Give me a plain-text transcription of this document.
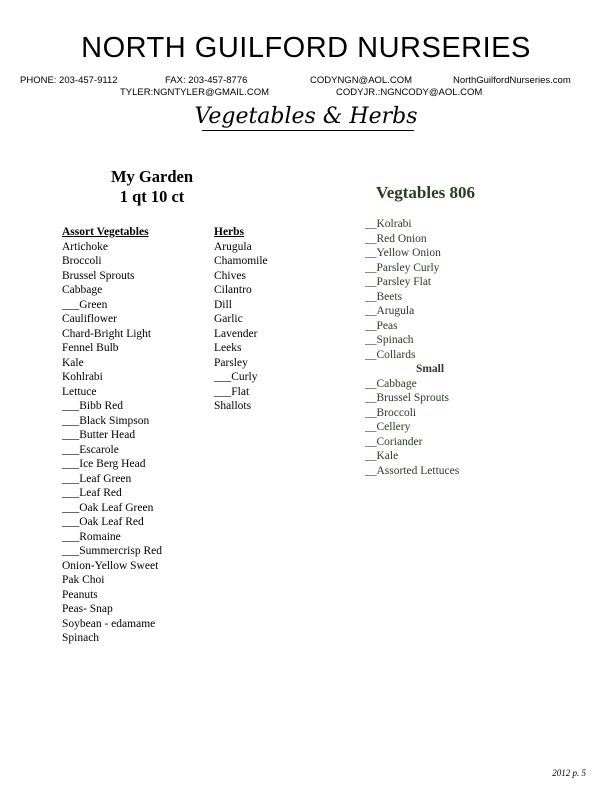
NORTH GUILFORD NURSERIES
PHONE: 203-457-9112	FAX: 203-457-8776	CODYNGN@AOL.COM	NorthGuilfordNurseries.com
TYLER:NGNTYLER@GMAIL.COM	CODYJR.:NGNCODY@AOL.COM
Vegetables & Herbs
My Garden
1 qt 10 ct	Vegtables 806
Assort Vegetables
Artichoke
Broccoli
Brussel Sprouts
Cabbage
___Green
Cauliflower
Chard-Bright Light
Fennel Bulb
Kale
Kohlrabi
Lettuce
___Bibb Red
___Black Simpson
___Butter Head
___Escarole
___Ice Berg Head
___Leaf Green
___Leaf Red
___Oak Leaf Green
___Oak Leaf Red
___Romaine
___Summercrisp Red
Onion-Yellow Sweet
Pak Choi
Peanuts
Peas- Snap
Soybean - edamame
Spinach
Herbs
Arugula
Chamomile
Chives
Cilantro
Dill
Garlic
Lavender
Leeks
Parsley
___Curly
___Flat
Shallots
__Kolrabi
__Red Onion
__Yellow Onion
__Parsley Curly
__Parsley Flat
__Beets
__Arugula
__Peas
__Spinach
__Collards
Small
__Cabbage
__Brussel Sprouts
__Broccoli
__Cellery
__Coriander
__Kale
__Assorted Lettuces
2012 p. 5
